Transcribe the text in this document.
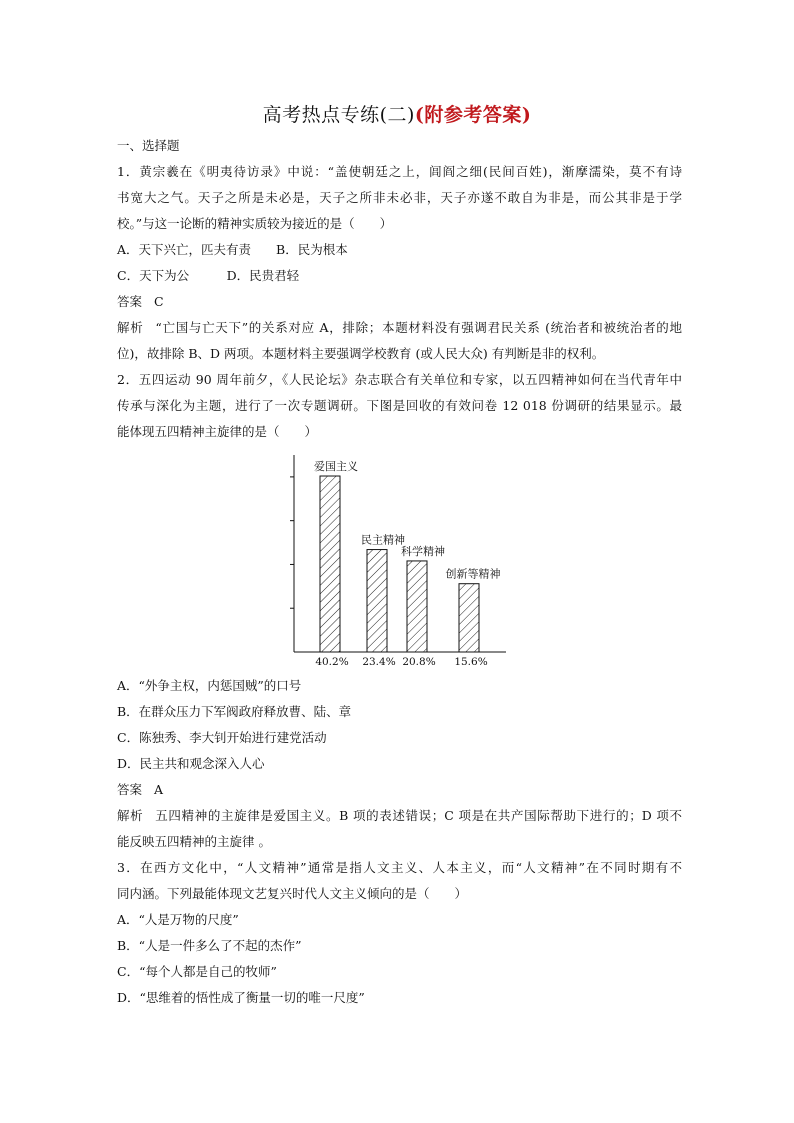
高考热点专练(二)(附参考答案)
一、选择题
1．黄宗羲在《明夷待访录》中说：“盖使朝廷之上，闾阎之细(民间百姓)，渐摩濡染，莫不有诗
书宽大之气。天子之所是未必是，天子之所非未必非，天子亦遂不敢自为非是，而公其非是于学
校。”与这一论断的精神实质较为接近的是（　　）
A．天下兴亡，匹夫有责　　B．民为根本
C．天下为公　　　D．民贵君轻
答案 C
解析 “亡国与亡天下”的关系对应 A，排除；本题材料没有强调君民关系 (统治者和被统治者的地
位)，故排除 B、D 两项。本题材料主要强调学校教育 (或人民大众) 有判断是非的权利。
2．五四运动 90 周年前夕，《人民论坛》杂志联合有关单位和专家，以五四精神如何在当代青年中
传承与深化为主题，进行了一次专题调研。下图是回收的有效问卷 12 018 份调研的结果显示。最
能体现五四精神主旋律的是（　　）
爱国主义
民主精神
科学精神
创新等精神
40.2% 23.4% 20.8% 15.6%
A．“外争主权，内惩国贼”的口号
B．在群众压力下军阀政府释放曹、陆、章
C．陈独秀、李大钊开始进行建党活动
D．民主共和观念深入人心
答案 A
解析 五四精神的主旋律是爱国主义。B 项的表述错误；C 项是在共产国际帮助下进行的；D 项不
能反映五四精神的主旋律 。
3．在西方文化中，“人文精神”通常是指人文主义、人本主义，而“人文精神”在不同时期有不
同内涵。下列最能体现文艺复兴时代人文主义倾向的是（　　）
A．“人是万物的尺度”
B．“人是一件多么了不起的杰作”
C．“每个人都是自己的牧师”
D．“思维着的悟性成了衡量一切的唯一尺度”
